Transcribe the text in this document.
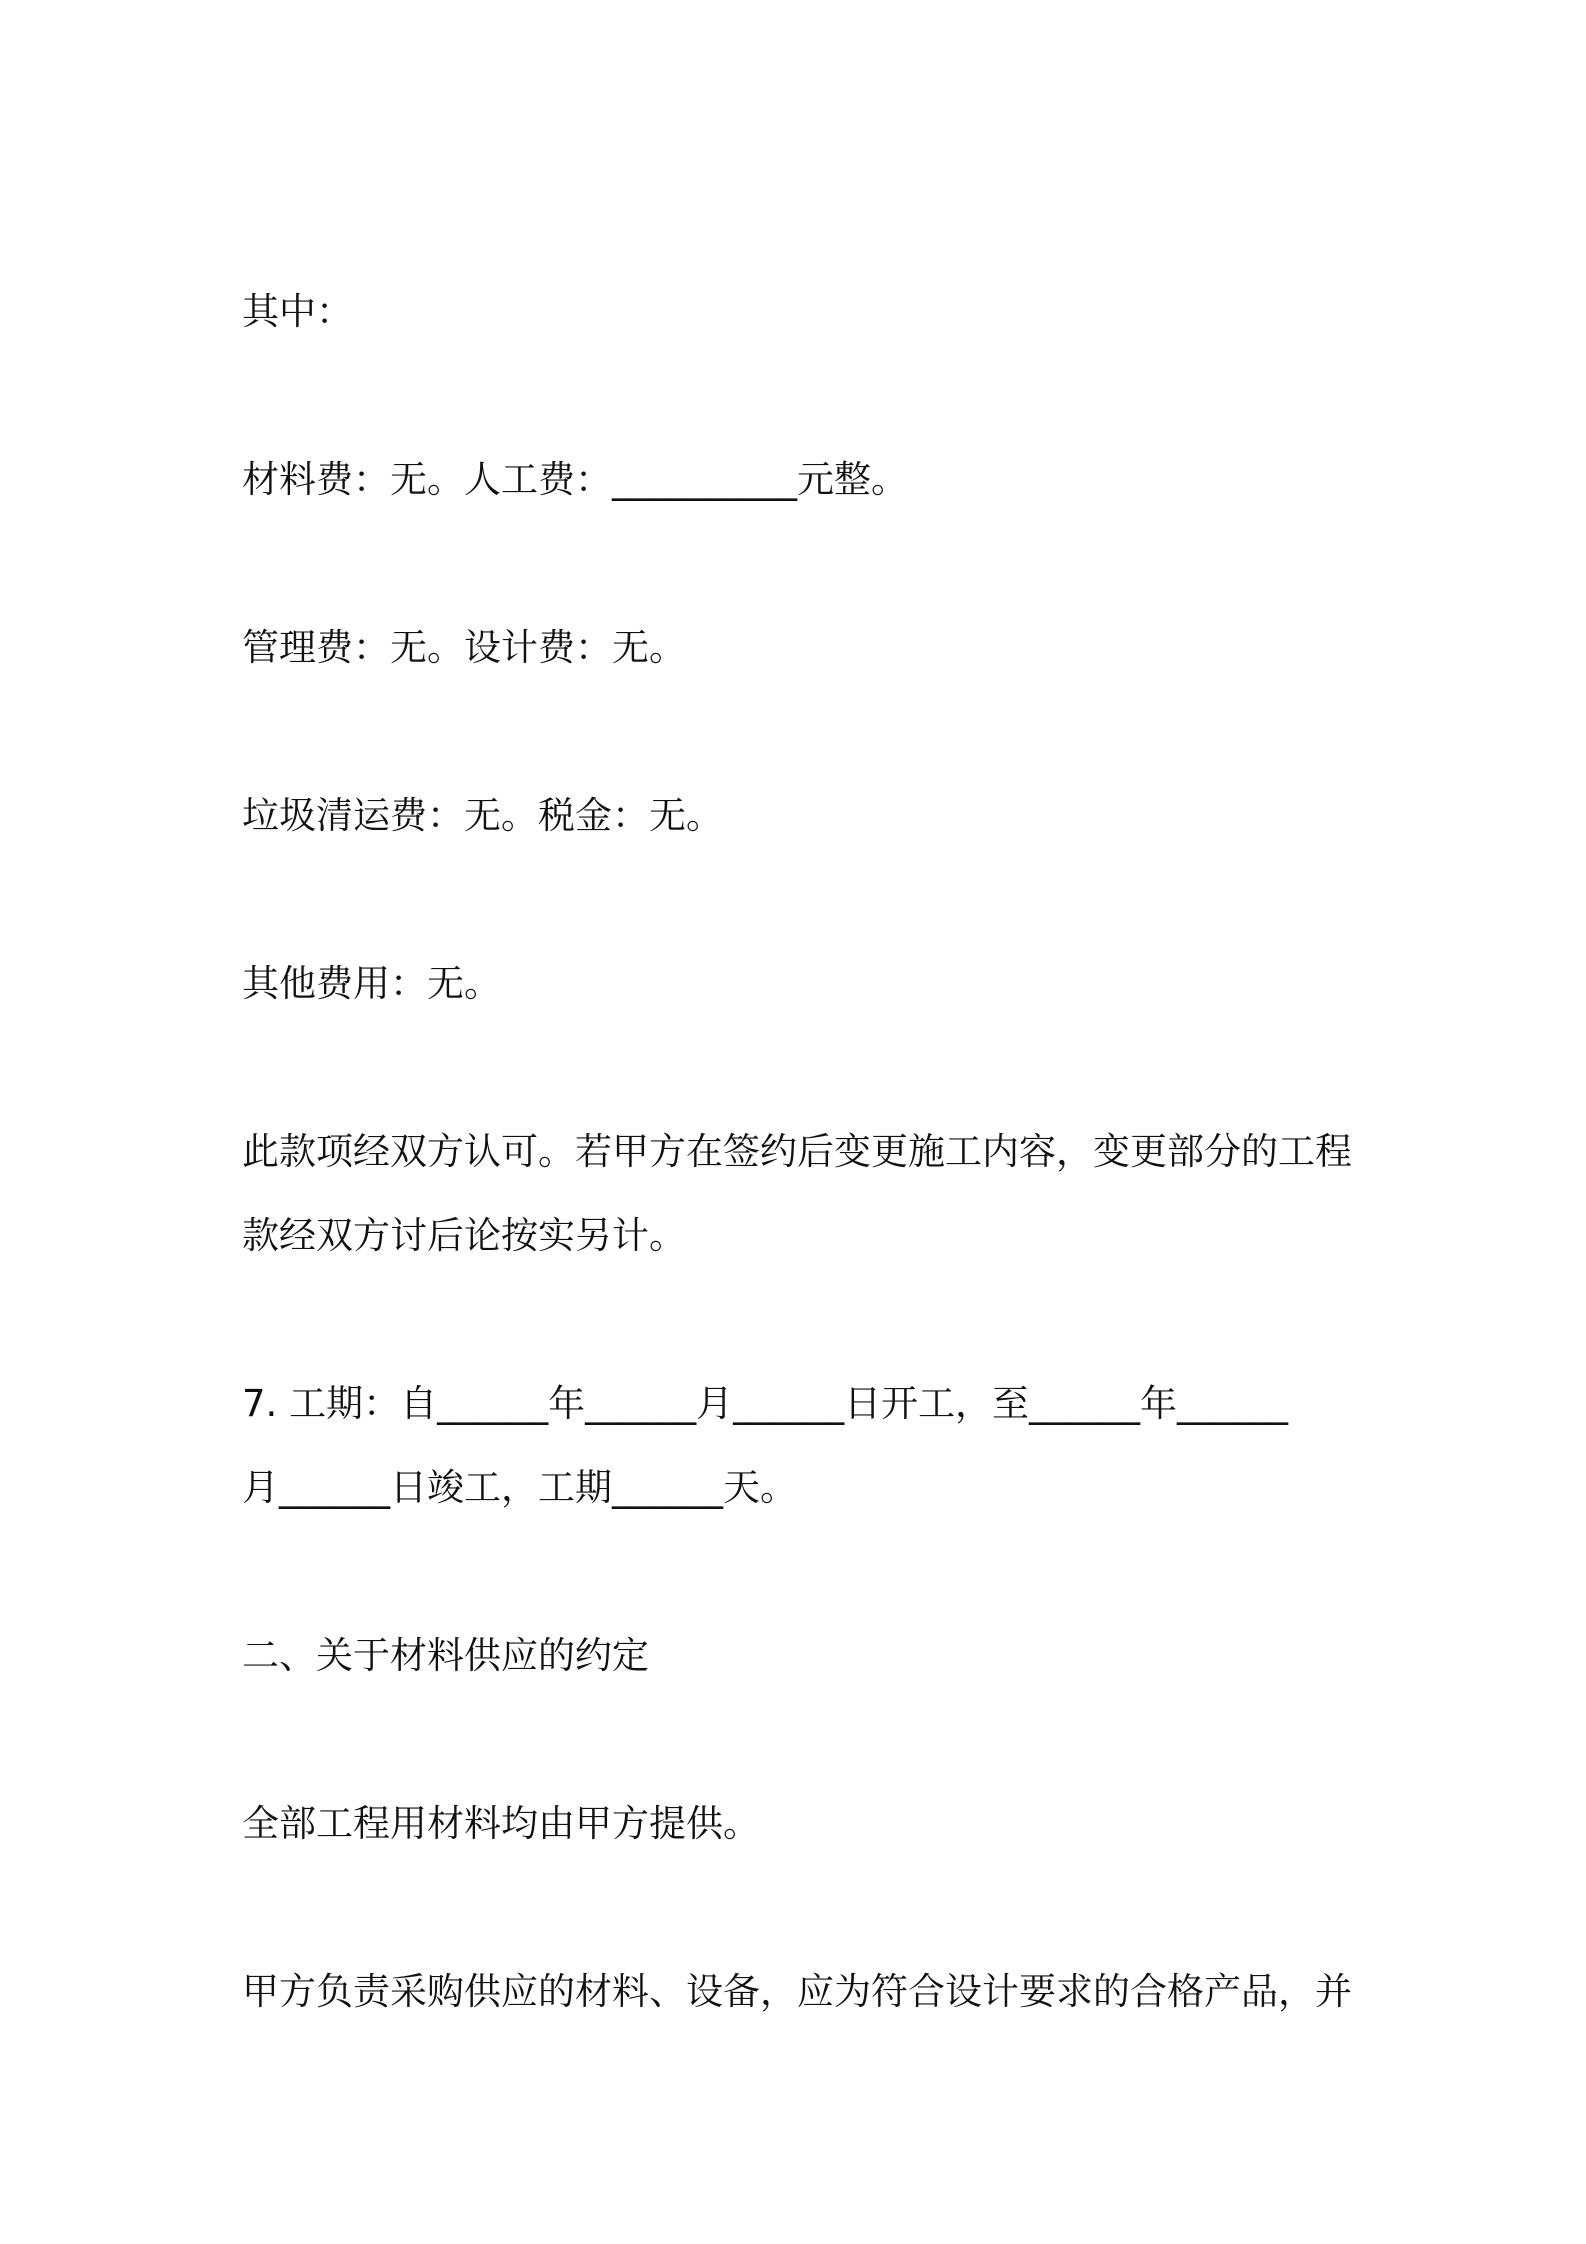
其中：

材料费：无。人工费：__________元整。

管理费：无。设计费：无。

垃圾清运费：无。税金：无。

其他费用：无。

此款项经双方认可。若甲方在签约后变更施工内容，变更部分的工程

款经双方讨后论按实另计。

7. 工期：自______年______月______日开工，至______年______

月______日竣工，工期______天。

二、关于材料供应的约定

全部工程用材料均由甲方提供。

甲方负责采购供应的材料、设备，应为符合设计要求的合格产品，并
